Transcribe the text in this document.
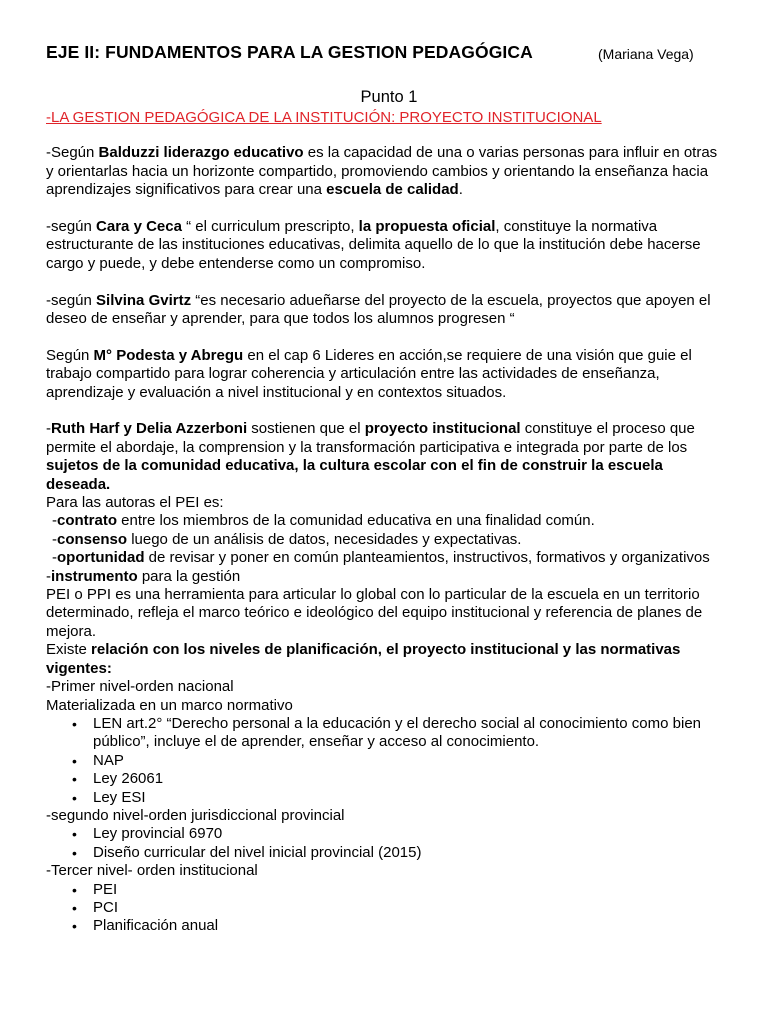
EJE II: FUNDAMENTOS PARA LA GESTION PEDAGÓGICA	(Mariana Vega)
Punto 1
-LA GESTION PEDAGÓGICA DE LA INSTITUCIÓN: PROYECTO INSTITUCIONAL

-Según Balduzzi liderazgo educativo es la capacidad de una o varias personas para influir en otras y orientarlas hacia un horizonte compartido, promoviendo cambios y orientando la enseñanza hacia aprendizajes significativos para crear una escuela de calidad.

-según Cara y Ceca “ el curriculum prescripto, la propuesta oficial, constituye la normativa estructurante de las instituciones educativas, delimita aquello de lo que la institución debe hacerse cargo y puede, y debe entenderse como un compromiso.

-según Silvina Gvirtz “es necesario adueñarse del proyecto de la escuela, proyectos que apoyen el deseo de enseñar y aprender, para que todos los alumnos progresen “

Según M° Podesta y Abregu en el cap 6 Lideres en acción,se requiere de una visión que guie el trabajo compartido para lograr coherencia y articulación entre las actividades de enseñanza, aprendizaje y evaluación a nivel institucional y en contextos situados.

-Ruth Harf y Delia Azzerboni sostienen que el proyecto institucional constituye el proceso que permite el abordaje, la comprension y la transformación participativa e integrada por parte de los sujetos de la comunidad educativa, la cultura escolar con el fin de construir la escuela deseada.

Para las autoras el PEI es:

-contrato entre los miembros de la comunidad educativa en una finalidad común.

-consenso luego de un análisis de datos, necesidades y expectativas.

-oportunidad de revisar y poner en común planteamientos, instructivos, formativos y organizativos

-instrumento para la gestión

PEI o PPI es una herramienta para articular lo global con lo particular de la escuela en un territorio determinado, refleja el marco teórico e ideológico del equipo institucional y referencia de planes de mejora.

Existe relación con los niveles de planificación, el proyecto institucional y las normativas vigentes:

-Primer nivel-orden nacional

Materializada en un marco normativo

• LEN art.2° “Derecho personal a la educación y el derecho social al conocimiento como bien público”, incluye el de aprender, enseñar y acceso al conocimiento.
• NAP
• Ley 26061
• Ley ESI

-segundo nivel-orden jurisdiccional provincial

• Ley provincial 6970
• Diseño curricular del nivel inicial provincial (2015)

-Tercer nivel- orden institucional

• PEI
• PCI
• Planificación anual
